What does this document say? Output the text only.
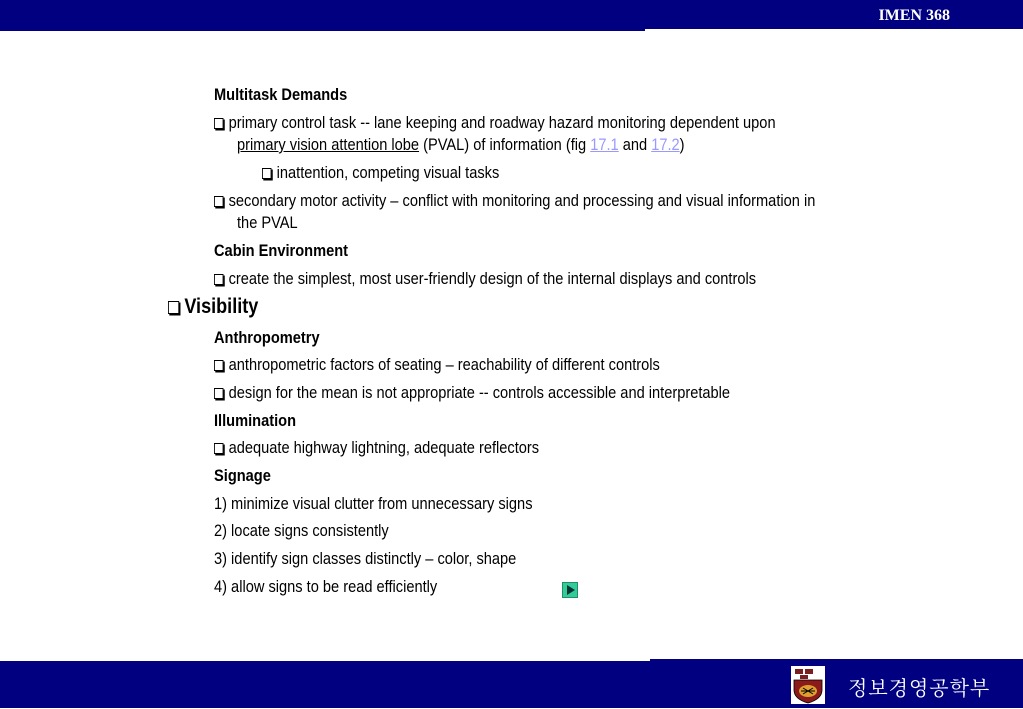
IMEN 368
Multitask Demands
primary control task -- lane keeping and roadway hazard monitoring dependent upon
primary vision attention lobe (PVAL) of information (fig 17.1 and 17.2)
inattention, competing visual tasks
secondary motor activity – conflict with monitoring and processing and visual information in
the PVAL
Cabin Environment
create the simplest, most user-friendly design of the internal displays and controls
Visibility
Anthropometry
anthropometric factors of seating – reachability of different controls
design for the mean is not appropriate -- controls accessible and interpretable
Illumination
adequate highway lightning, adequate reflectors
Signage
1) minimize visual clutter from unnecessary signs
2) locate signs consistently
3) identify sign classes distinctly – color, shape
4) allow signs to be read efficiently
정보경영공학부
